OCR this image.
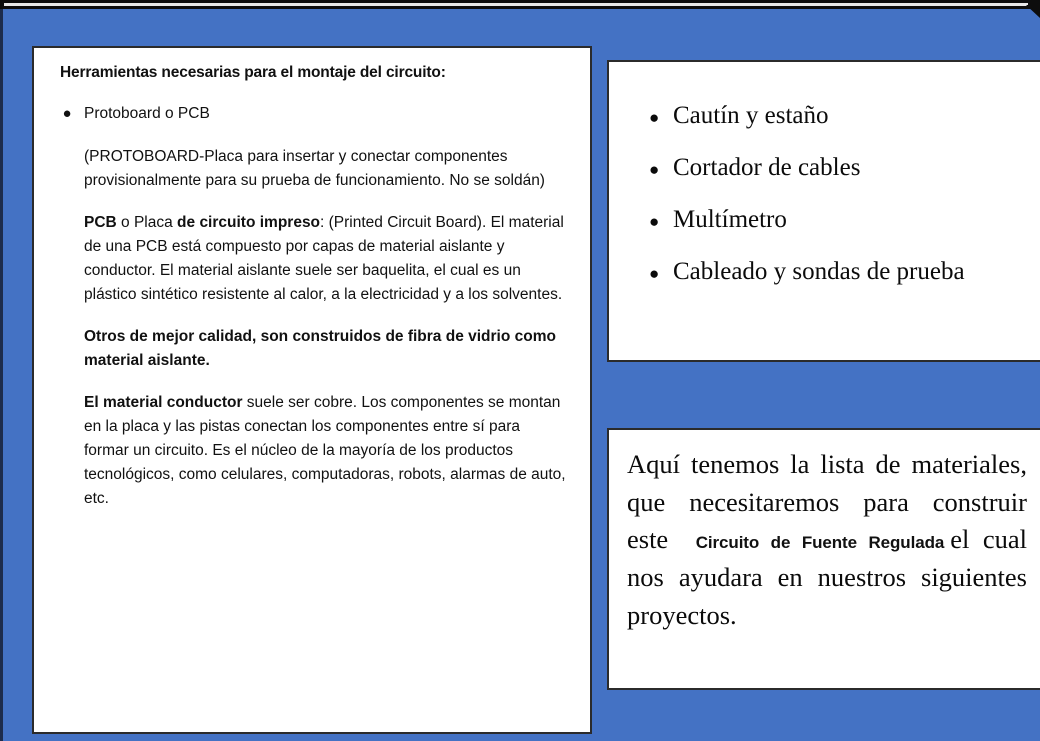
Herramientas necesarias para el montaje del circuito:
● Protoboard o PCB

(PROTOBOARD-Placa para insertar y conectar componentes provisionalmente para su prueba de funcionamiento. No se soldán)

PCB o Placa de circuito impreso: (Printed Circuit Board). El material de una PCB está compuesto por capas de material aislante y conductor. El material aislante suele ser baquelita, el cual es un plástico sintético resistente al calor, a la electricidad y a los solventes.

Otros de mejor calidad, son construidos de fibra de vidrio como material aislante.

El material conductor suele ser cobre. Los componentes se montan en la placa y las pistas conectan los componentes entre sí para formar un circuito. Es el núcleo de la mayoría de los productos tecnológicos, como celulares, computadoras, robots, alarmas de auto, etc.

● Cautín y estaño
● Cortador de cables
● Multímetro
● Cableado y sondas de prueba

Aquí tenemos la lista de materiales, que necesitaremos para construir este Circuito de Fuente Regulada el cual nos ayudara en nuestros siguientes proyectos.
